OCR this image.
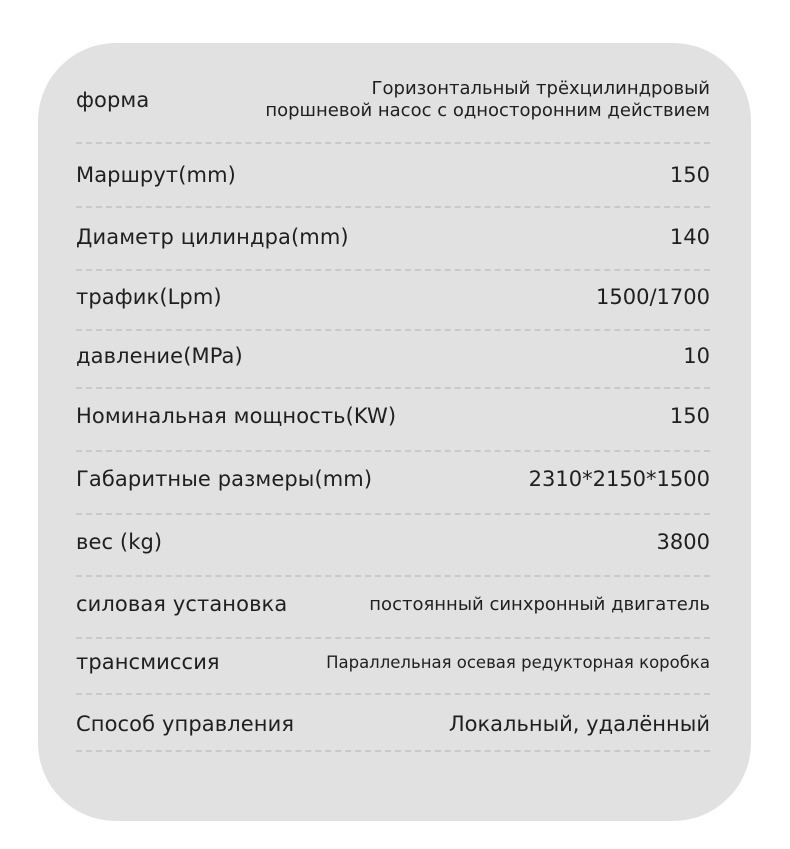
форма	Горизонтальный трёхцилиндровый
поршневой насос с односторонним действием
Маршрут(mm)	150
Диаметр цилиндра(mm)	140
трафик(Lpm)	1500/1700
давление(MPa)	10
Номинальная мощность(KW)	150
Габаритные размеры(mm)	2310*2150*1500
вес (kg)	3800
силовая установка	постоянный синхронный двигатель
трансмиссия	Параллельная осевая редукторная коробка
Способ управления	Локальный, удалённый
